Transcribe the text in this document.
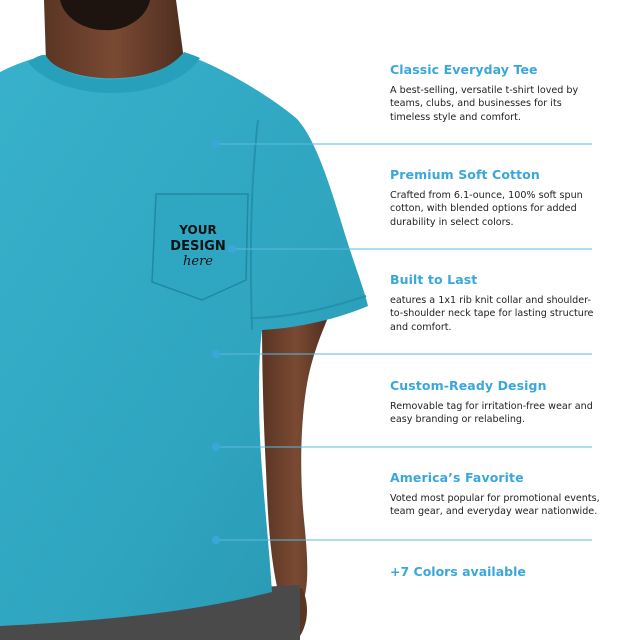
YOUR
DESIGN
here
Classic Everyday Tee

A best-selling, versatile t-shirt loved by teams, clubs, and businesses for its timeless style and comfort.

Premium Soft Cotton

Crafted from 6.1-ounce, 100% soft spun cotton, with blended options for added durability in select colors.

Built to Last

eatures a 1x1 rib knit collar and shoulder-to-shoulder neck tape for lasting structure and comfort.

Custom-Ready Design

Removable tag for irritation-free wear and easy branding or relabeling.

America’s Favorite

Voted most popular for promotional events, team gear, and everyday wear nationwide.

+7 Colors available
